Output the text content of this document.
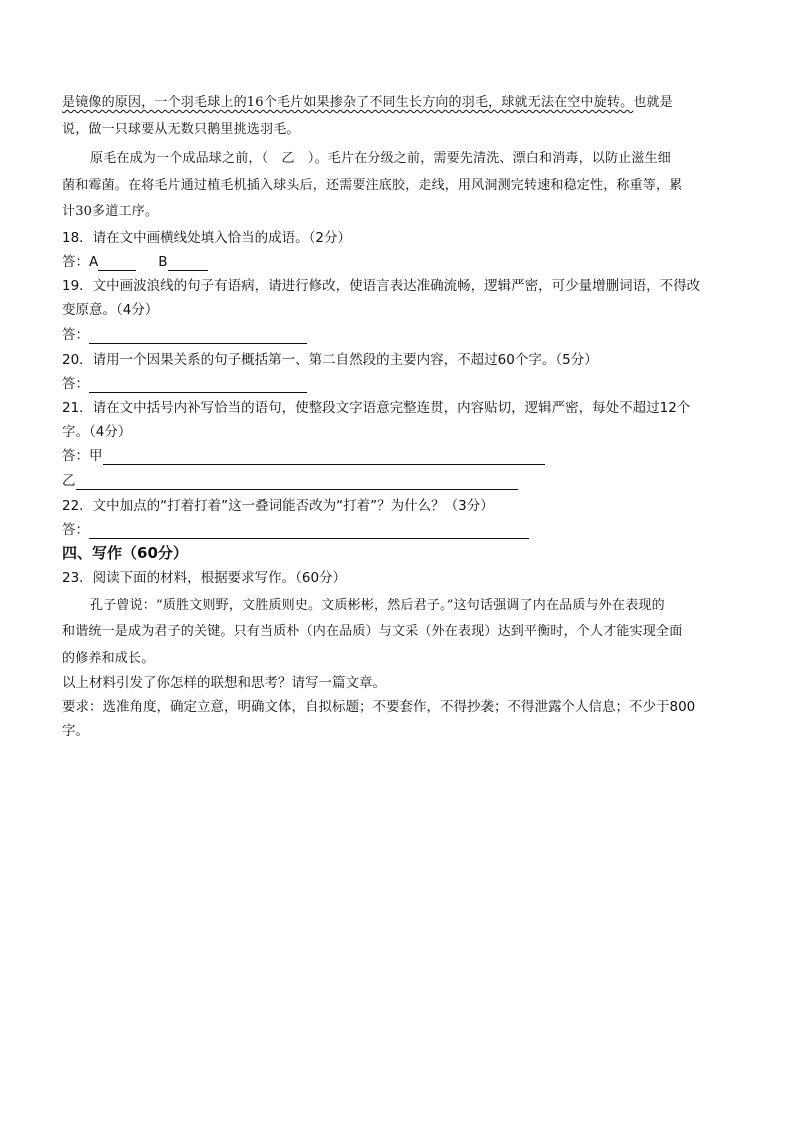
是镜像的原因，一个羽毛球上的16个毛片如果掺杂了不同生长方向的羽毛，球就无法在空中旋转。也就是

说，做一只球要从无数只鹅里挑选羽毛。

原毛在成为一个成品球之前，（　乙　）。毛片在分级之前，需要先清洗、漂白和消毒，以防止滋生细

菌和霉菌。在将毛片通过植毛机插入球头后，还需要注底胶，走线，用风洞测完转速和稳定性，称重等，累

计30多道工序。

18．请在文中画横线处填入恰当的成语。（2分）

答：A	B

19．文中画波浪线的句子有语病，请进行修改，使语言表达准确流畅，逻辑严密，可少量增删词语，不得改

变原意。（4分）

答：

20．请用一个因果关系的句子概括第一、第二自然段的主要内容，不超过60个字。（5分）

答：

21．请在文中括号内补写恰当的语句，使整段文字语意完整连贯，内容贴切，逻辑严密，每处不超过12个

字。（4分）

答：甲
乙

22．文中加点的“打着打着”这一叠词能否改为“打着”？为什么？（3分）

答：

四、写作（60分）

23．阅读下面的材料，根据要求写作。（60分）

孔子曾说：“质胜文则野，文胜质则史。文质彬彬，然后君子。”这句话强调了内在品质与外在表现的

和谐统一是成为君子的关键。只有当质朴（内在品质）与文采（外在表现）达到平衡时，个人才能实现全面

的修养和成长。

以上材料引发了你怎样的联想和思考？请写一篇文章。

要求：选准角度，确定立意，明确文体，自拟标题；不要套作，不得抄袭；不得泄露个人信息；不少于800

字。
